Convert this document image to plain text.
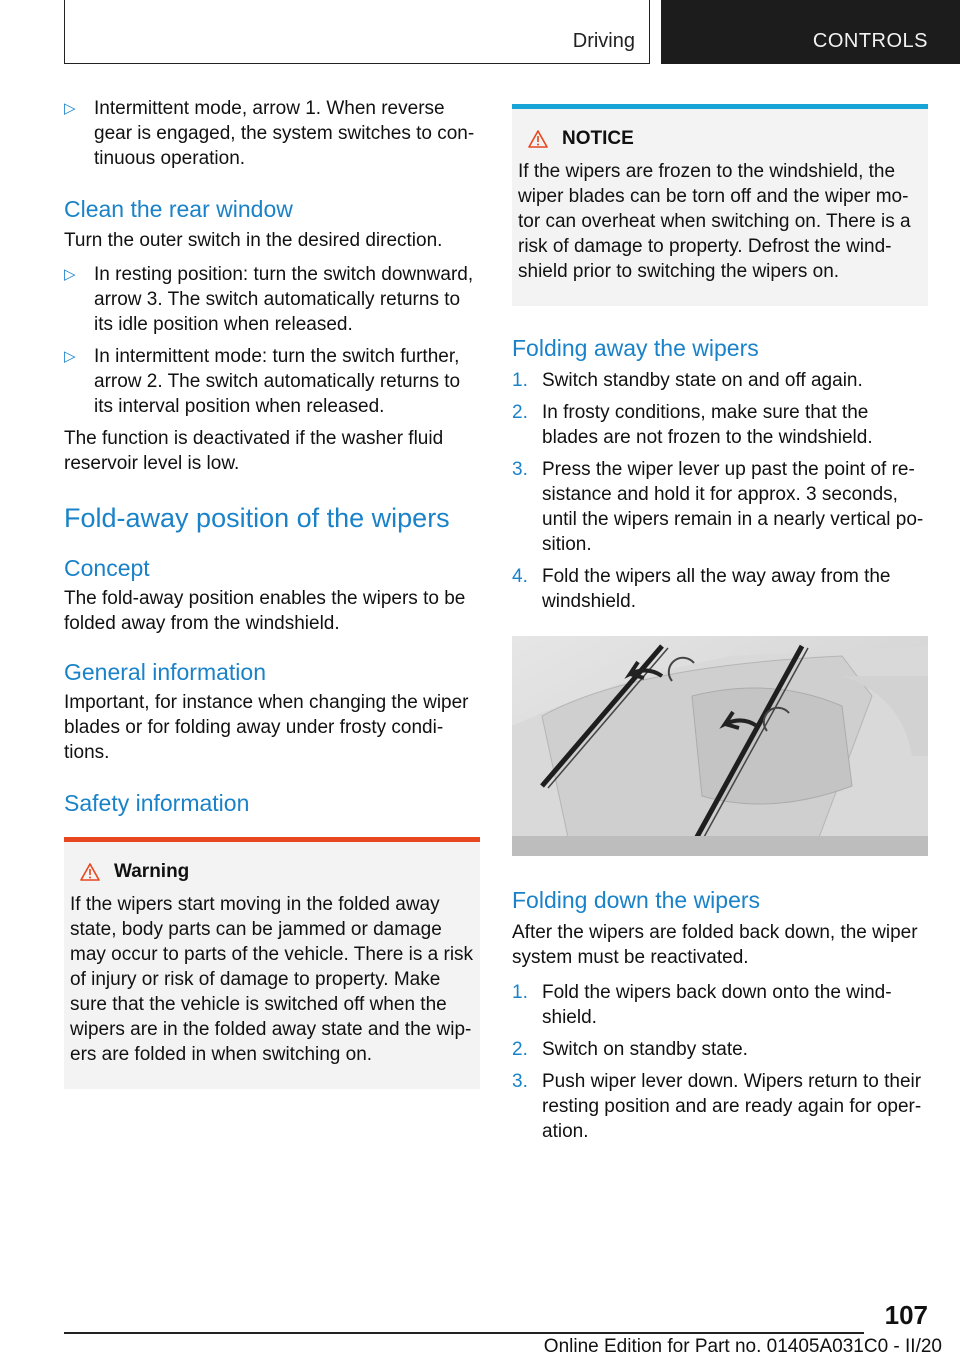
Driving	CONTROLS
▷ Intermittent mode, arrow 1. When reverse gear is engaged, the system switches to continuous operation.
Clean the rear window

Turn the outer switch in the desired direction.

▷ In resting position: turn the switch downward, arrow 3. The switch automatically returns to its idle position when released.
▷ In intermittent mode: turn the switch further, arrow 2. The switch automatically returns to its interval position when released.

The function is deactivated if the washer fluid reservoir level is low.

Fold-away position of the wipers
Concept

The fold-away position enables the wipers to be folded away from the windshield.

General information

Important, for instance when changing the wiper blades or for folding away under frosty conditions.

Safety information
Warning

If the wipers start moving in the folded away state, body parts can be jammed or damage may occur to parts of the vehicle. There is a risk of injury or risk of damage to property. Make sure that the vehicle is switched off when the wipers are in the folded away state and the wipers are folded in when switching on.

NOTICE

If the wipers are frozen to the windshield, the wiper blades can be torn off and the wiper motor can overheat when switching on. There is a risk of damage to property. Defrost the windshield prior to switching the wipers on.

Folding away the wipers
1. Switch standby state on and off again.
2. In frosty conditions, make sure that the blades are not frozen to the windshield.
3. Press the wiper lever up past the point of resistance and hold it for approx. 3 seconds, until the wipers remain in a nearly vertical position.
4. Fold the wipers all the way away from the windshield.
Folding down the wipers

After the wipers are folded back down, the wiper system must be reactivated.

1. Fold the wipers back down onto the windshield.
2. Switch on standby state.
3. Push wiper lever down. Wipers return to their resting position and are ready again for operation.
107
Online Edition for Part no. 01405A031C0 - II/20
